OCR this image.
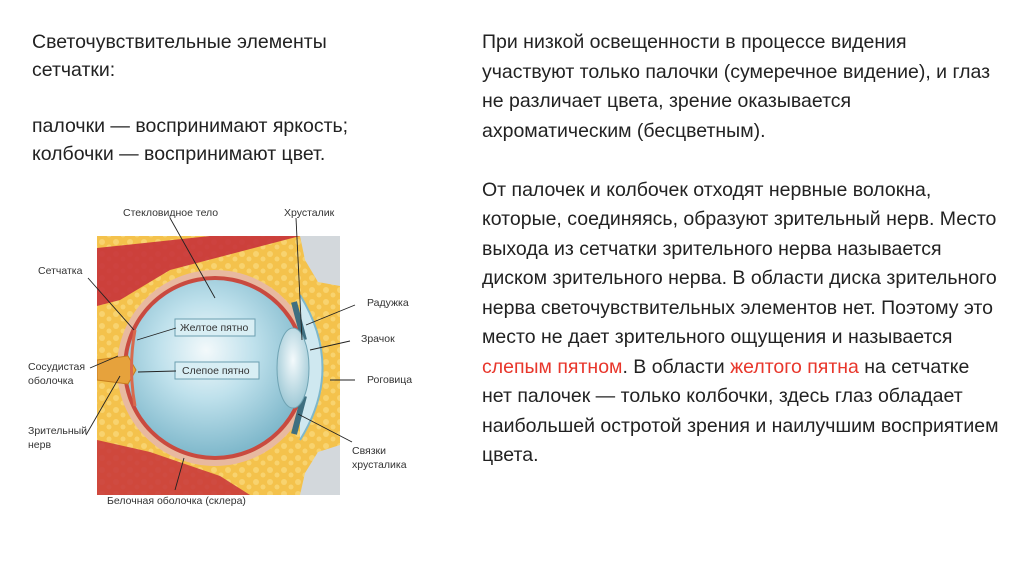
Светочувствительные элементы

сетчатки:

палочки — воспринимают яркость;

колбочки — воспринимают цвет.

При низкой освещенности в процессе видения участвуют только палочки (сумеречное видение), и глаз не различает цвета, зрение оказывается ахроматическим (бесцветным).

От палочек и колбочек отходят нервные волокна, которые, соединяясь, образуют зрительный нерв. Место выхода из сетчатки зрительного нерва называется диском зрительного нерва. В области диска зрительного нерва светочувствительных элементов нет. Поэтому это место не дает зрительного ощущения и называется слепым пятном. В области желтого пятна на сетчатке нет палочек — только колбочки, здесь глаз обладает наибольшей остротой зрения и наилучшим восприятием цвета.

Стекловидное тело	Хрусталик
Сетчатка
Радужка
Желтое пятно
Зрачок
Сосудистая
оболочка
Слепое пятно
Роговица
Зрительный
нерв	Связки
хрусталика
Белочная оболочка (склера)
